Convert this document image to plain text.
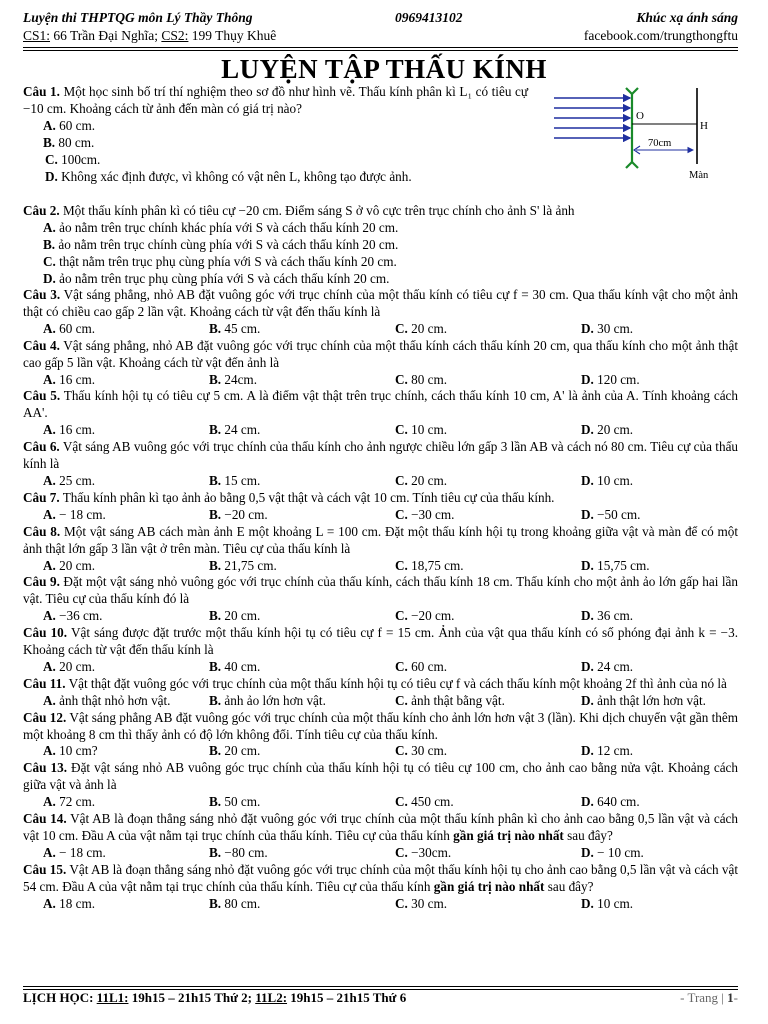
Luyện thi THPTQG môn Lý Thầy Thông	0969413102	Khúc xạ ánh sáng
CS1: 66 Trần Đại Nghĩa; CS2: 199 Thụy Khuê	facebook.com/trungthongftu
LUYỆN TẬP THẤU KÍNH
O
H
70cm
Màn
Câu 1. Một học sinh bố trí thí nghiệm theo sơ đồ như hình vẽ. Thấu kính phân kì L₁ có tiêu cự −10 cm. Khoảng cách từ ảnh đến màn có giá trị nào?
A. 60 cm.
B. 80 cm.
C. 100cm.
D. Không xác định được, vì không có vật nên L, không tạo được ảnh.
Câu 2. Một thấu kính phân kì có tiêu cự −20 cm. Điểm sáng S ở vô cực trên trục chính cho ảnh S' là ảnh
A. ảo nằm trên trục chính khác phía với S và cách thấu kính 20 cm.
B. ảo nằm trên trục chính cùng phía với S và cách thấu kính 20 cm.
C. thật nằm trên trục phụ cùng phía với S và cách thấu kính 20 cm.
D. ảo nằm trên trục phụ cùng phía với S và cách thấu kính 20 cm.
Câu 3. Vật sáng phẳng, nhỏ AB đặt vuông góc với trục chính của một thấu kính có tiêu cự f = 30 cm. Qua thấu kính vật cho một ảnh thật có chiều cao gấp 2 lần vật. Khoảng cách từ vật đến thấu kính là
A. 60 cm.	B. 45 cm.	C. 20 cm.	D. 30 cm.
Câu 4. Vật sáng phẳng, nhỏ AB đặt vuông góc với trục chính của một thấu kính cách thấu kính 20 cm, qua thấu kính cho một ảnh thật cao gấp 5 lần vật. Khoảng cách từ vật đến ảnh là
A. 16 cm.	B. 24cm.	C. 80 cm.	D. 120 cm.
Câu 5. Thấu kính hội tụ có tiêu cự 5 cm. A là điểm vật thật trên trục chính, cách thấu kính 10 cm, A' là ảnh của A. Tính khoảng cách AA'.
A. 16 cm.	B. 24 cm.	C. 10 cm.	D. 20 cm.
Câu 6. Vật sáng AB vuông góc với trục chính của thấu kính cho ảnh ngược chiều lớn gấp 3 lần AB và cách nó 80 cm. Tiêu cự của thấu kính là
A. 25 cm.	B. 15 cm.	C. 20 cm.	D. 10 cm.
Câu 7. Thấu kính phân kì tạo ảnh ảo bằng 0,5 vật thật và cách vật 10 cm. Tính tiêu cự của thấu kính.
A. − 18 cm.	B. −20 cm.	C. −30 cm.	D. −50 cm.
Câu 8. Một vật sáng AB cách màn ảnh E một khoảng L = 100 cm. Đặt một thấu kính hội tụ trong khoảng giữa vật và màn để có một ảnh thật lớn gấp 3 lần vật ở trên màn. Tiêu cự của thấu kính là
A. 20 cm.	B. 21,75 cm.	C. 18,75 cm.	D. 15,75 cm.
Câu 9. Đặt một vật sáng nhỏ vuông góc với trục chính của thấu kính, cách thấu kính 18 cm. Thấu kính cho một ảnh ảo lớn gấp hai lần vật. Tiêu cự của thấu kính đó là
A. −36 cm.	B. 20 cm.	C. −20 cm.	D. 36 cm.
Câu 10. Vật sáng được đặt trước một thấu kính hội tụ có tiêu cự f = 15 cm. Ảnh của vật qua thấu kính có số phóng đại ảnh k = −3. Khoảng cách từ vật đến thấu kính là
A. 20 cm.	B. 40 cm.	C. 60 cm.	D. 24 cm.
Câu 11. Vật thật đặt vuông góc với trục chính của một thấu kính hội tụ có tiêu cự f và cách thấu kính một khoảng 2f thì ảnh của nó là
A. ảnh thật nhỏ hơn vật.	B. ảnh ảo lớn hơn vật.	C. ảnh thật bằng vật.	D. ảnh thật lớn hơn vật.
Câu 12. Vật sáng phẳng AB đặt vuông góc với trục chính của một thấu kính cho ảnh lớn hơn vật 3 (lần). Khi dịch chuyển vật gần thêm một khoảng 8 cm thì thấy ảnh có độ lớn không đổi. Tính tiêu cự của thấu kính.
A. 10 cm?	B. 20 cm.	C. 30 cm.	D. 12 cm.
Câu 13. Đặt vật sáng nhỏ AB vuông góc trục chính của thấu kính hội tụ có tiêu cự 100 cm, cho ảnh cao bằng nửa vật. Khoảng cách giữa vật và ảnh là
A. 72 cm.	B. 50 cm.	C. 450 cm.	D. 640 cm.
Câu 14. Vật AB là đoạn thẳng sáng nhỏ đặt vuông góc với trục chính của một thấu kính phân kì cho ảnh cao bằng 0,5 lần vật và cách vật 10 cm. Đầu A của vật nằm tại trục chính của thấu kính. Tiêu cự của thấu kính gần giá trị nào nhất sau đây?
A. − 18 cm.	B. −80 cm.	C. −30cm.	D. − 10 cm.
Câu 15. Vật AB là đoạn thẳng sáng nhỏ đặt vuông góc với trục chính của một thấu kính hội tụ cho ảnh cao bằng 0,5 lần vật và cách vật 54 cm. Đầu A của vật nằm tại trục chính của thấu kính. Tiêu cự của thấu kính gần giá trị nào nhất sau đây?
A. 18 cm.	B. 80 cm.	C. 30 cm.	D. 10 cm.
LỊCH HỌC: 11L1: 19h15 – 21h15 Thứ 2; 11L2: 19h15 – 21h15 Thứ 6	- Trang | 1-
